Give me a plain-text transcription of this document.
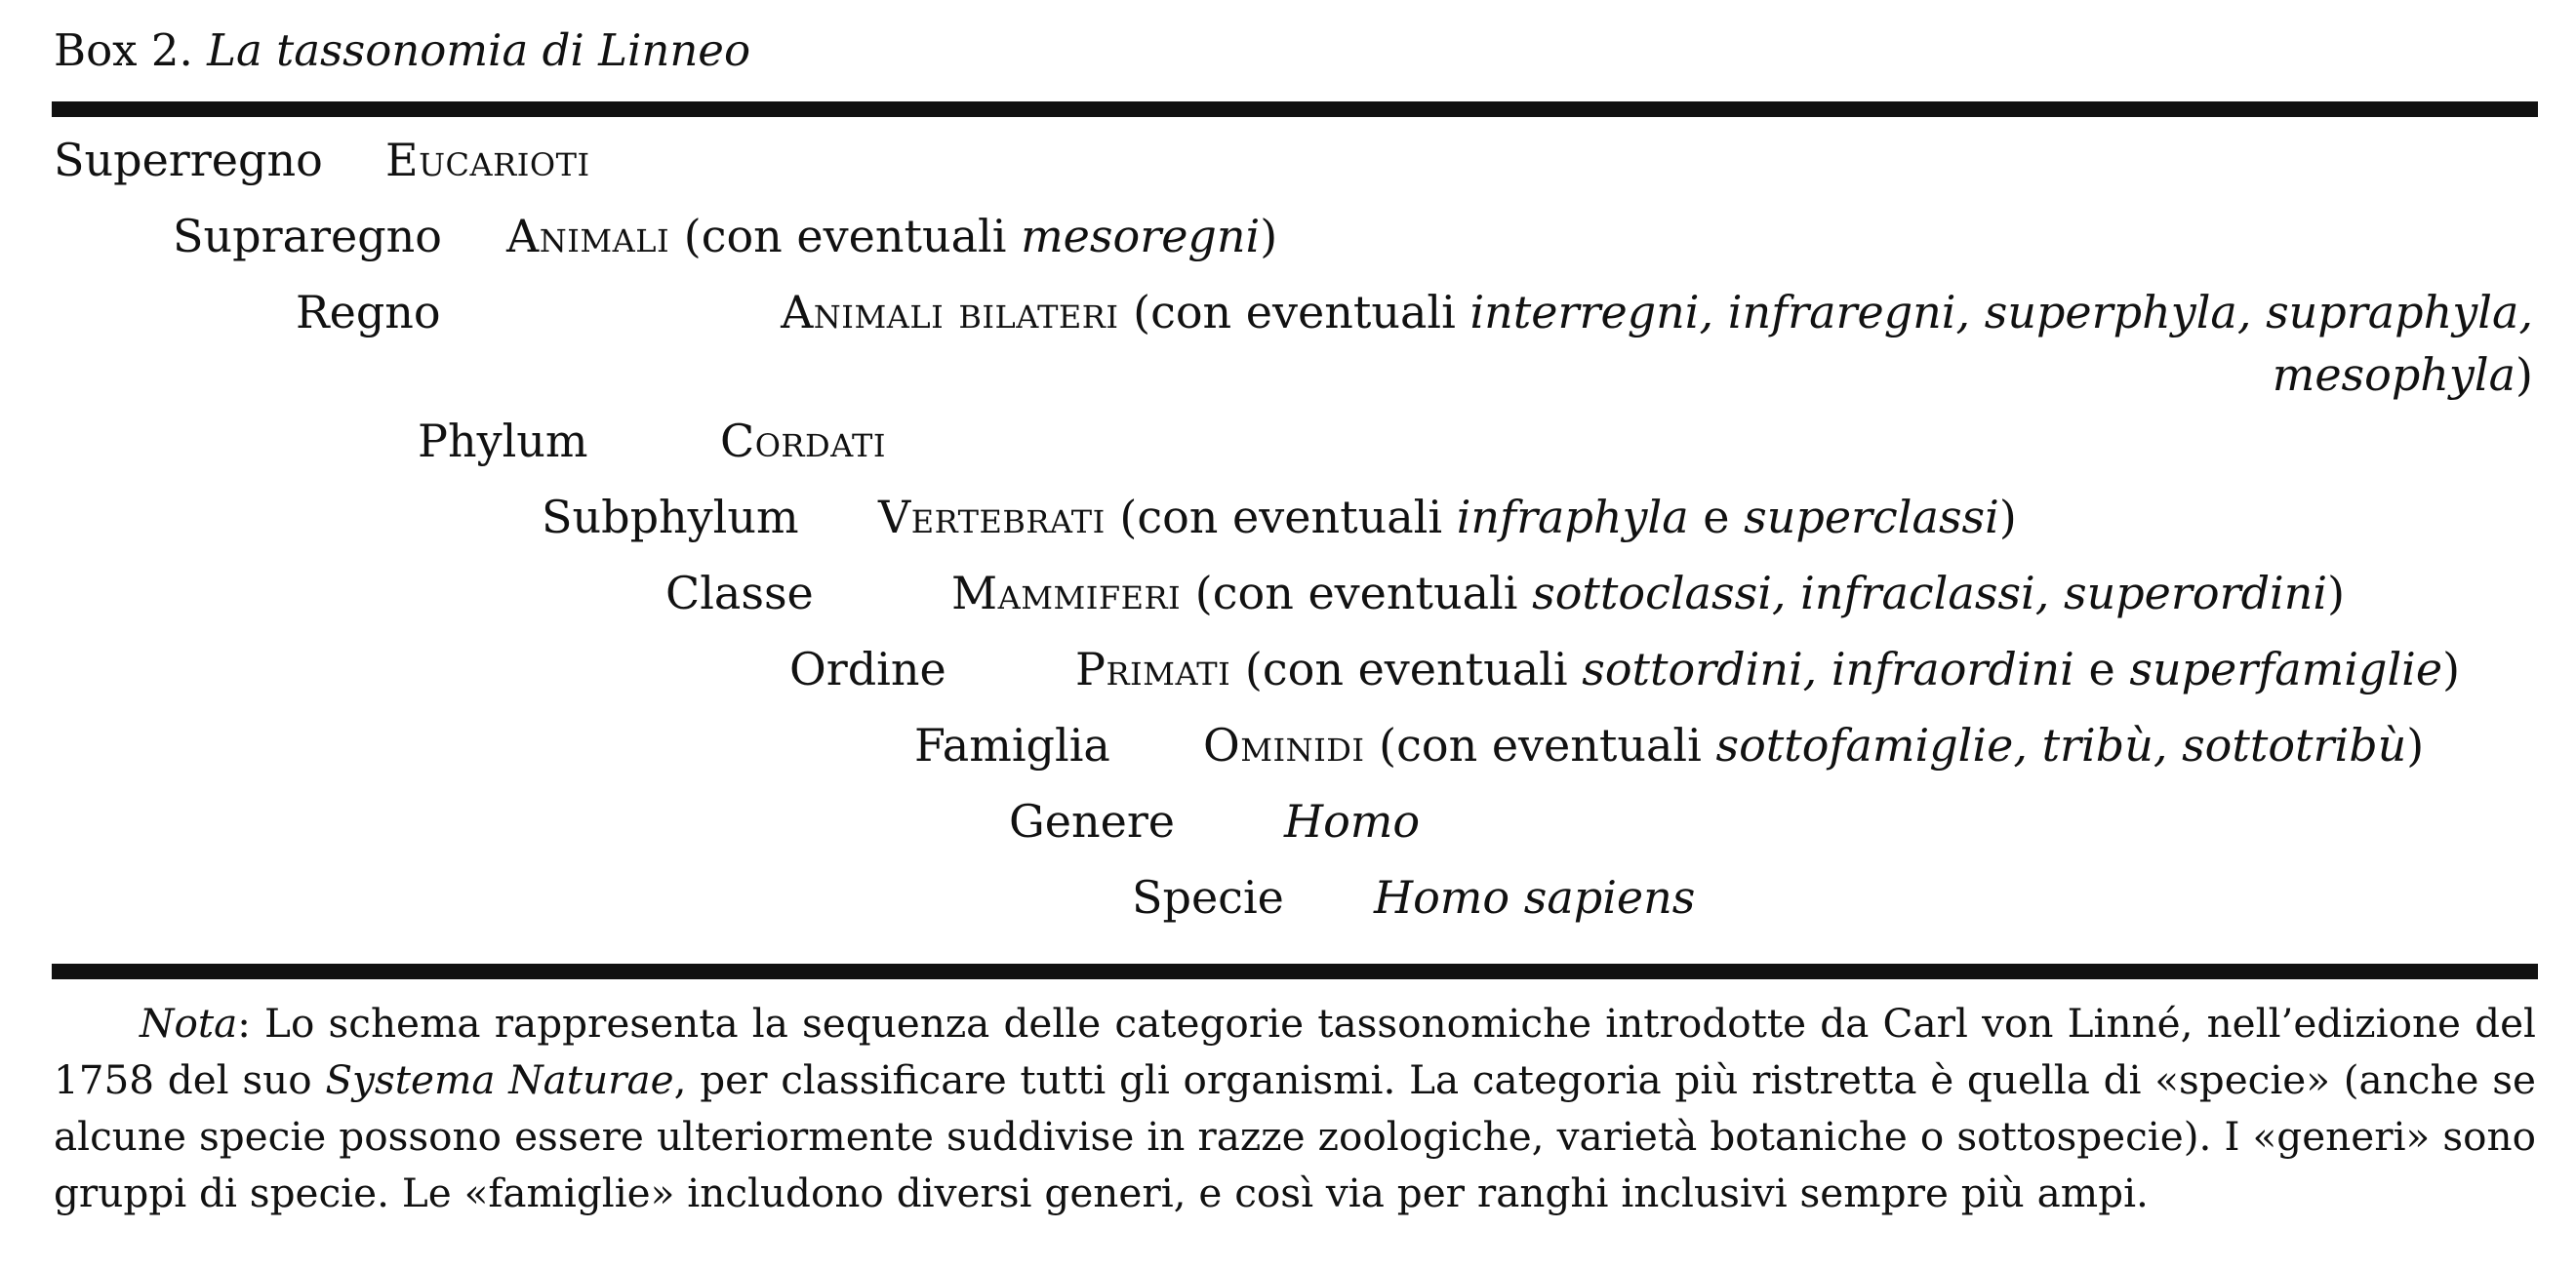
Box 2. La tassonomia di Linneo
Superregno Eucarioti
Supraregno Animali (con eventuali mesoregni)
Regno	Animali bilateri (con eventuali interregni, infraregni, superphyla, supraphyla,
mesophyla)
Phylum	Cordati
Subphylum Vertebrati (con eventuali infraphyla e superclassi)
Classe	Mammiferi (con eventuali sottoclassi, infraclassi, superordini)
Ordine	Primati (con eventuali sottordini, infraordini e superfamiglie)
Famiglia Ominidi (con eventuali sottofamiglie, tribù, sottotribù)
Genere Homo
Specie Homo sapiens
Nota: Lo schema rappresenta la sequenza delle categorie tassonomiche introdotte da Carl von Linné, nell’edizione del 1758 del suo Systema Naturae, per classificare tutti gli organismi. La categoria più ristretta è quella di «specie» (anche se alcune specie possono essere ulteriormente suddivise in razze zoologiche, varietà botaniche o sottospecie). I «generi» sono gruppi di specie. Le «famiglie» includono diversi generi, e così via per ranghi inclusivi sempre più ampi.
